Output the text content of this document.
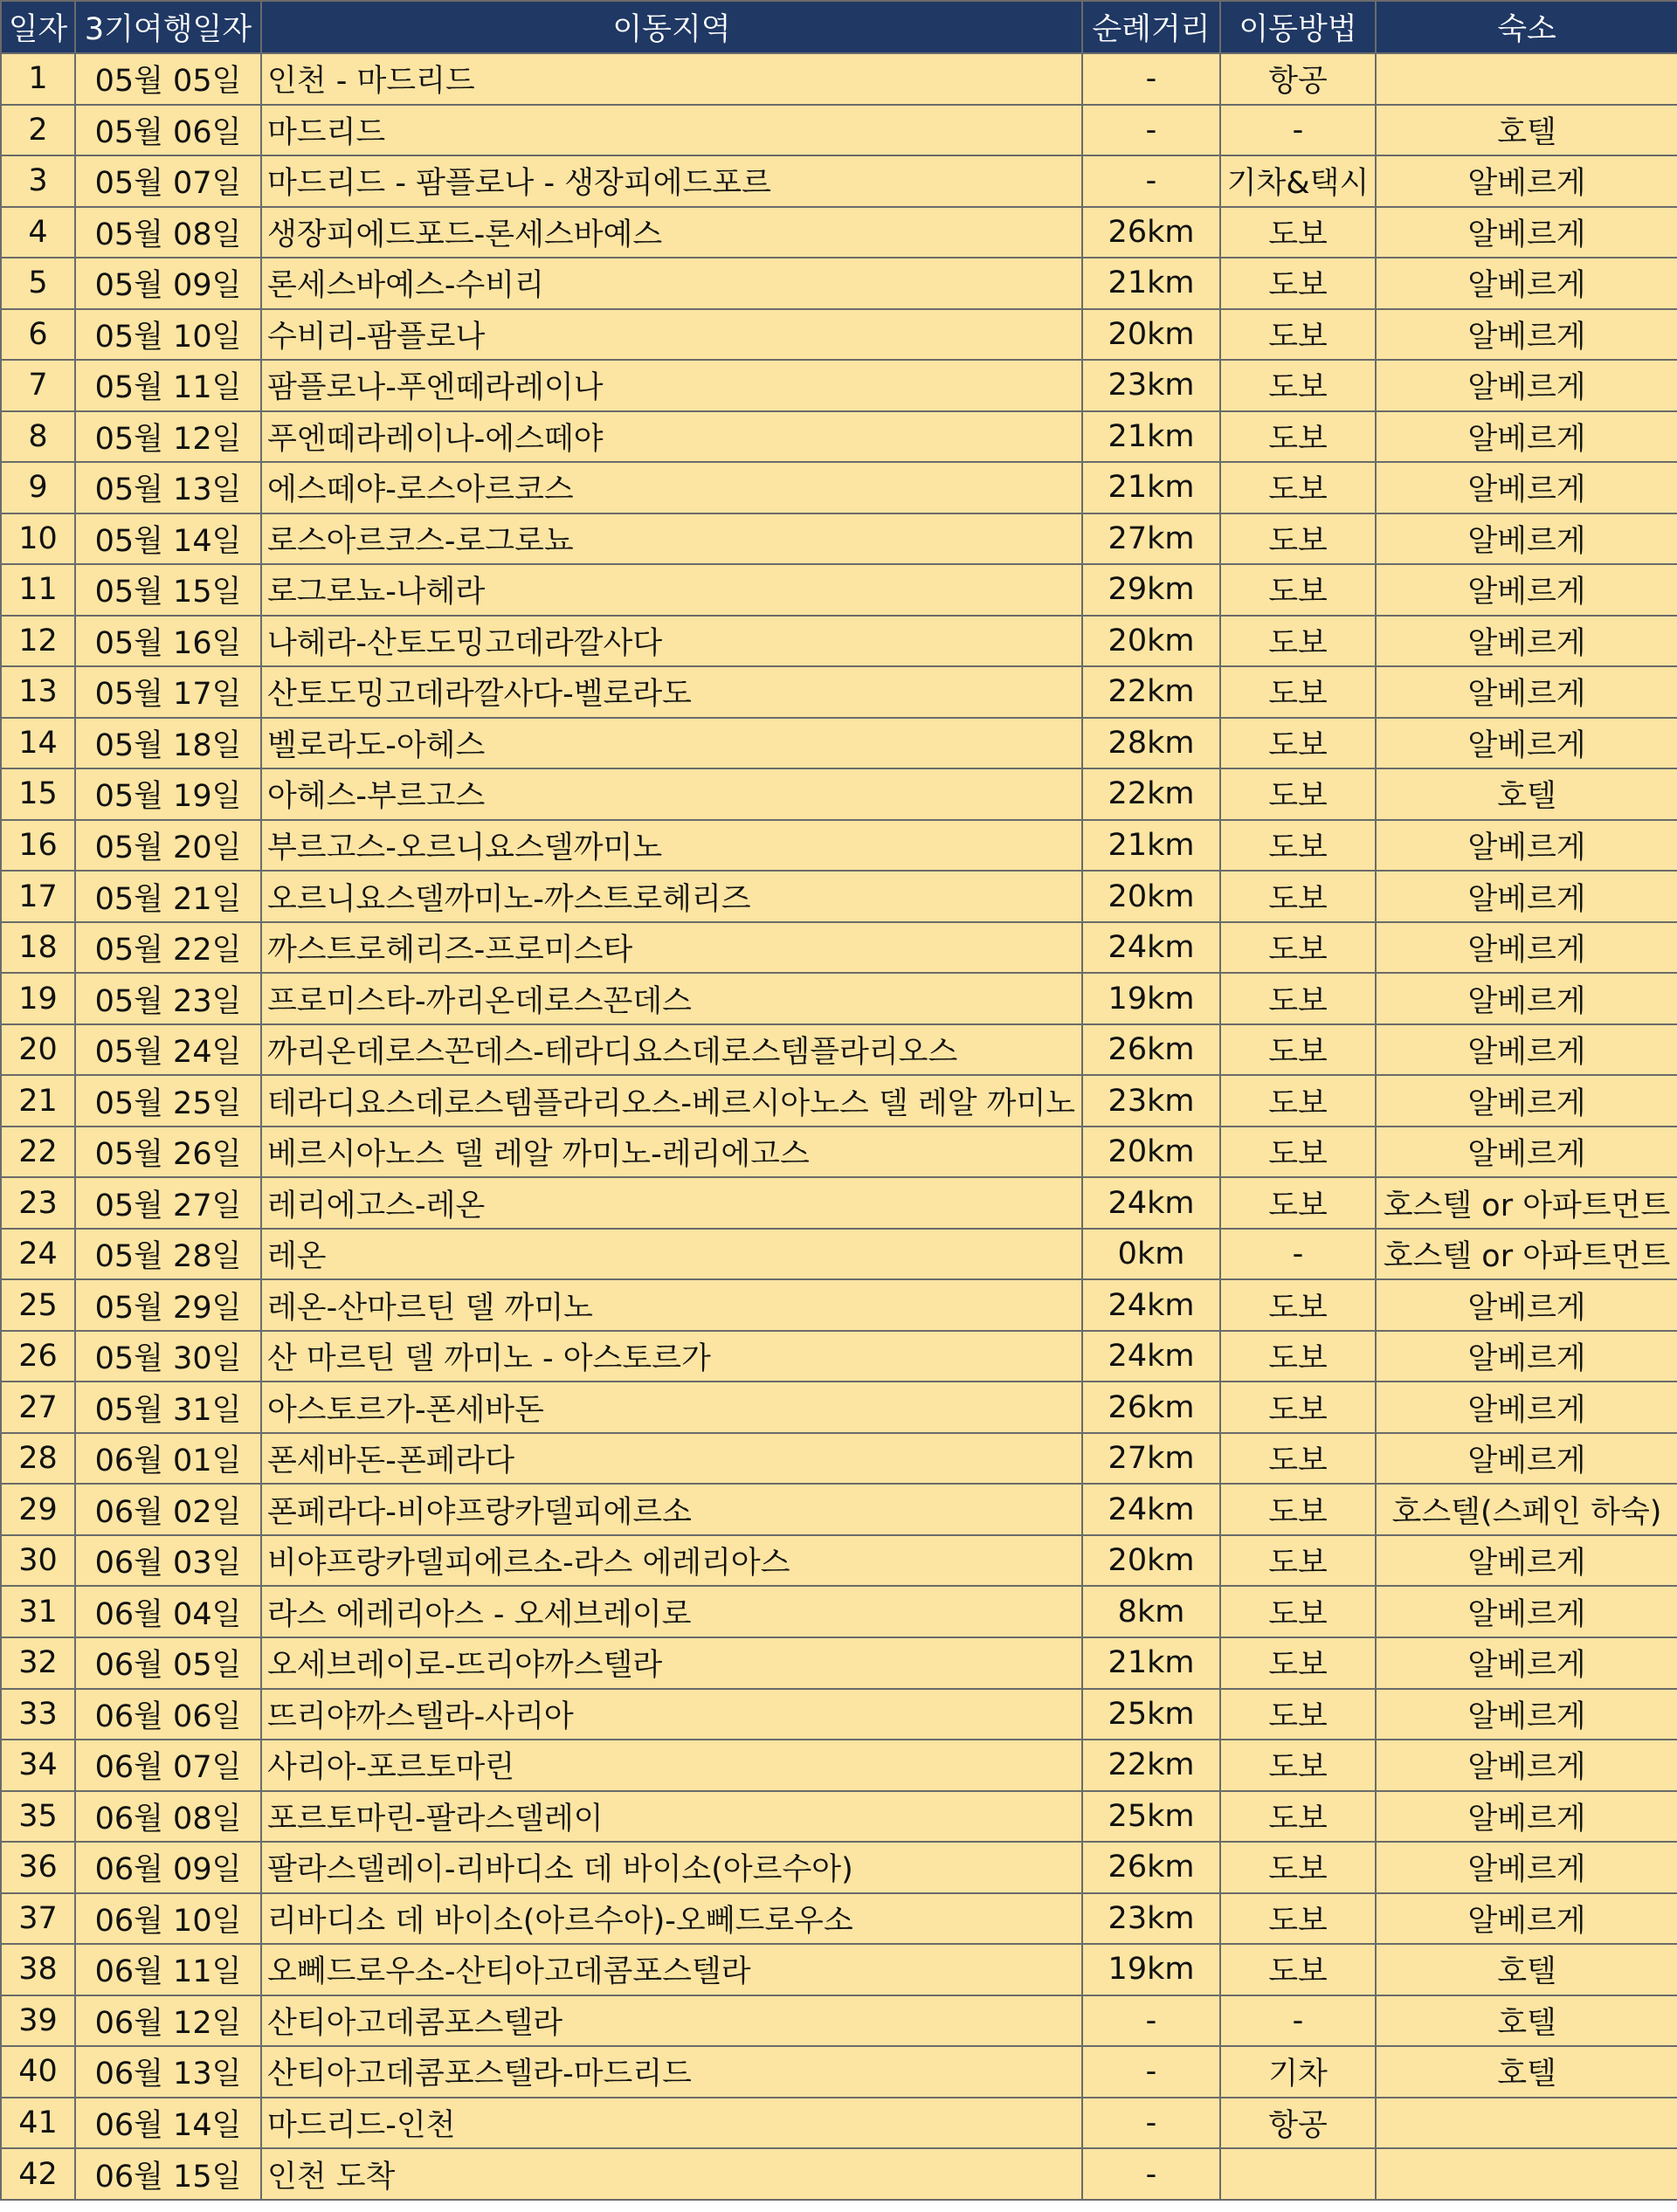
일자	3기여행일자	이동지역	순례거리	이동방법	숙소
1	05월 05일	인천 - 마드리드	-	항공	
2	05월 06일	마드리드	-	-	호텔
3	05월 07일	마드리드 - 팜플로나 - 생장피에드포르	-	기차&택시	알베르게
4	05월 08일	생장피에드포드-론세스바예스	26km	도보	알베르게
5	05월 09일	론세스바예스-수비리	21km	도보	알베르게
6	05월 10일	수비리-팜플로나	20km	도보	알베르게
7	05월 11일	팜플로나-푸엔떼라레이나	23km	도보	알베르게
8	05월 12일	푸엔떼라레이나-에스떼야	21km	도보	알베르게
9	05월 13일	에스떼야-로스아르코스	21km	도보	알베르게
10	05월 14일	로스아르코스-로그로뇨	27km	도보	알베르게
11	05월 15일	로그로뇨-나헤라	29km	도보	알베르게
12	05월 16일	나헤라-산토도밍고데라깔사다	20km	도보	알베르게
13	05월 17일	산토도밍고데라깔사다-벨로라도	22km	도보	알베르게
14	05월 18일	벨로라도-아헤스	28km	도보	알베르게
15	05월 19일	아헤스-부르고스	22km	도보	호텔
16	05월 20일	부르고스-오르니요스델까미노	21km	도보	알베르게
17	05월 21일	오르니요스델까미노-까스트로헤리즈	20km	도보	알베르게
18	05월 22일	까스트로헤리즈-프로미스타	24km	도보	알베르게
19	05월 23일	프로미스타-까리온데로스꼰데스	19km	도보	알베르게
20	05월 24일	까리온데로스꼰데스-테라디요스데로스템플라리오스	26km	도보	알베르게
21	05월 25일	테라디요스데로스템플라리오스-베르시아노스 델 레알 까미노	23km	도보	알베르게
22	05월 26일	베르시아노스 델 레알 까미노-레리에고스	20km	도보	알베르게
23	05월 27일	레리에고스-레온	24km	도보	호스텔 or 아파트먼트
24	05월 28일	레온	0km	-	호스텔 or 아파트먼트
25	05월 29일	레온-산마르틴 델 까미노	24km	도보	알베르게
26	05월 30일	산 마르틴 델 까미노 - 아스토르가	24km	도보	알베르게
27	05월 31일	아스토르가-폰세바돈	26km	도보	알베르게
28	06월 01일	폰세바돈-폰페라다	27km	도보	알베르게
29	06월 02일	폰페라다-비야프랑카델피에르소	24km	도보	호스텔(스페인 하숙)
30	06월 03일	비야프랑카델피에르소-라스 에레리아스	20km	도보	알베르게
31	06월 04일	라스 에레리아스 - 오세브레이로	8km	도보	알베르게
32	06월 05일	오세브레이로-뜨리야까스텔라	21km	도보	알베르게
33	06월 06일	뜨리야까스텔라-사리아	25km	도보	알베르게
34	06월 07일	사리아-포르토마린	22km	도보	알베르게
35	06월 08일	포르토마린-팔라스델레이	25km	도보	알베르게
36	06월 09일	팔라스델레이-리바디소 데 바이소(아르수아)	26km	도보	알베르게
37	06월 10일	리바디소 데 바이소(아르수아)-오뻬드로우소	23km	도보	알베르게
38	06월 11일	오뻬드로우소-산티아고데콤포스텔라	19km	도보	호텔
39	06월 12일	산티아고데콤포스텔라	-	-	호텔
40	06월 13일	산티아고데콤포스텔라-마드리드	-	기차	호텔
41	06월 14일	마드리드-인천	-	항공	
42	06월 15일	인천 도착	-		
